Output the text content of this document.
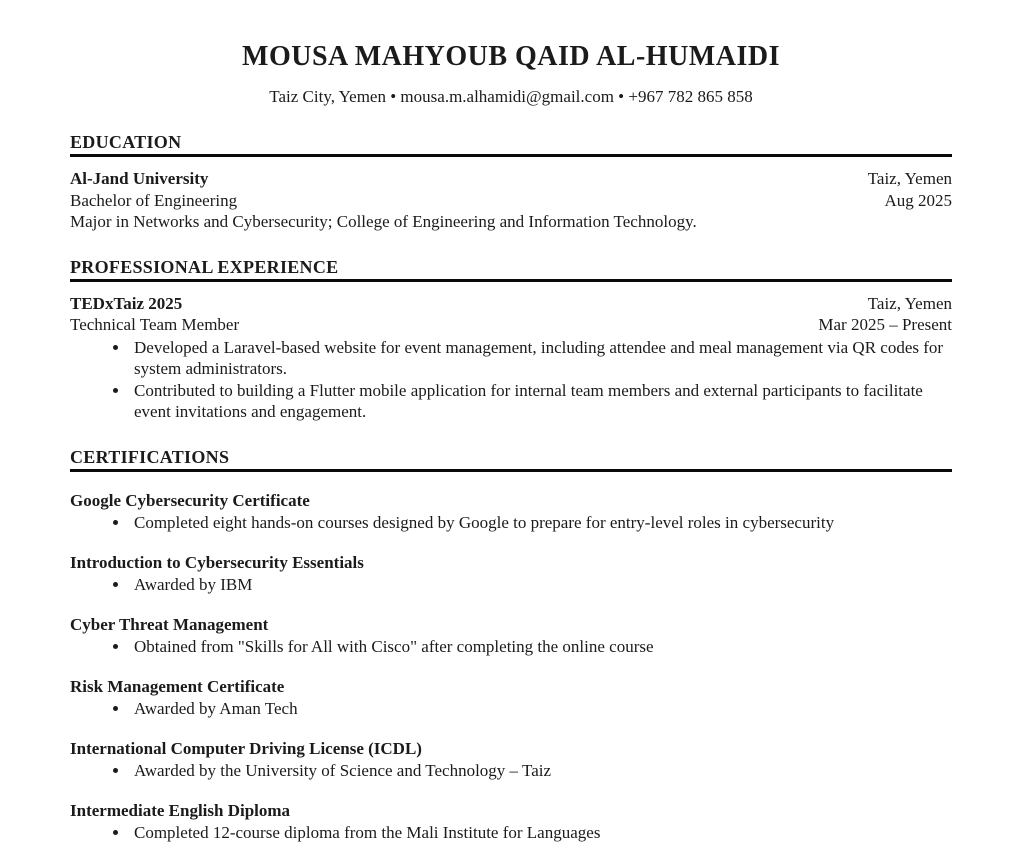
MOUSA MAHYOUB QAID AL-HUMAIDI
Taiz City, Yemen • mousa.m.alhamidi@gmail.com • +967 782 865 858
EDUCATION
Al-Jand University	Taiz, Yemen
Bachelor of Engineering	Aug 2025
Major in Networks and Cybersecurity; College of Engineering and Information Technology.
PROFESSIONAL EXPERIENCE
TEDxTaiz 2025	Taiz, Yemen
Technical Team Member	Mar 2025 – Present
• Developed a Laravel-based website for event management, including attendee and meal management via QR codes for system administrators.
• Contributed to building a Flutter mobile application for internal team members and external participants to facilitate event invitations and engagement.
CERTIFICATIONS
Google Cybersecurity Certificate
• Completed eight hands-on courses designed by Google to prepare for entry-level roles in cybersecurity
Introduction to Cybersecurity Essentials
• Awarded by IBM
Cyber Threat Management
• Obtained from "Skills for All with Cisco" after completing the online course
Risk Management Certificate
• Awarded by Aman Tech
International Computer Driving License (ICDL)
• Awarded by the University of Science and Technology – Taiz
Intermediate English Diploma
• Completed 12-course diploma from the Mali Institute for Languages
